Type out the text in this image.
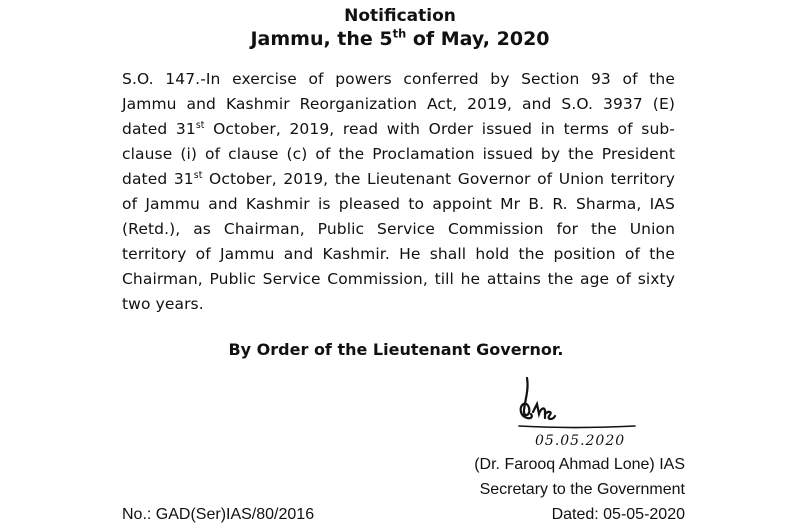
Notification
Jammu, the 5th of May, 2020
S.O. 147.-In exercise of powers conferred by Section 93 of the
Jammu and Kashmir Reorganization Act, 2019, and S.O. 3937 (E)
dated 31st October, 2019, read with Order issued in terms of sub-
clause (i) of clause (c) of the Proclamation issued by the President
dated 31st October, 2019, the Lieutenant Governor of Union territory
of Jammu and Kashmir is pleased to appoint Mr B. R. Sharma, IAS
(Retd.), as Chairman, Public Service Commission for the Union
territory of Jammu and Kashmir. He shall hold the position of the
Chairman, Public Service Commission, till he attains the age of sixty
two years.
By Order of the Lieutenant Governor.
05.05.2020
(Dr. Farooq Ahmad Lone) IAS
Secretary to the Government
Dated: 05-05-2020
No.: GAD(Ser)IAS/80/2016
